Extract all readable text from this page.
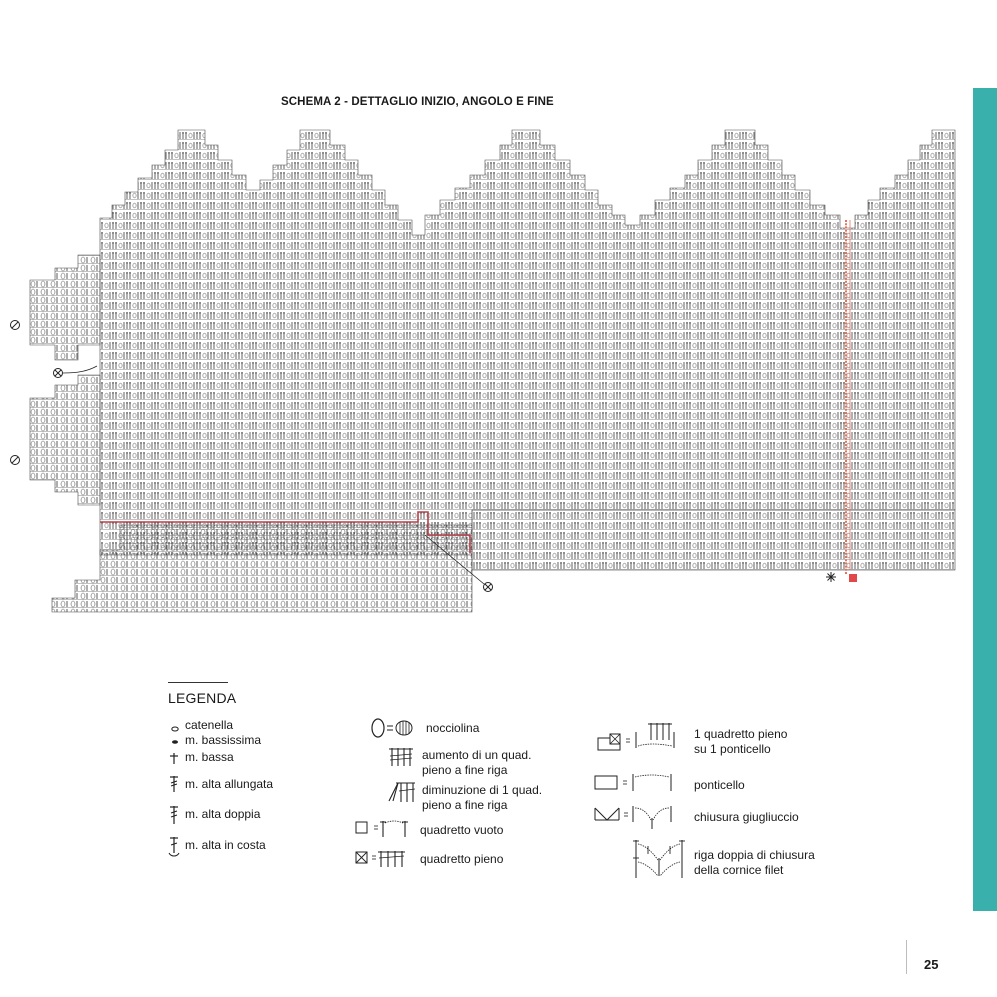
SCHEMA 2 - DETTAGLIO INIZIO, ANGOLO E FINE
LEGENDA
catenella
m. bassissima
m. bassa
m. alta allungata
m. alta doppia
m. alta in costa
nocciolina
aumento di un quad.
pieno a fine riga
diminuzione di 1 quad.
pieno a fine riga
quadretto vuoto
quadretto pieno
1 quadretto pieno
su 1 ponticello
ponticello
chiusura giugliuccio
riga doppia di chiusura
della cornice filet
25
